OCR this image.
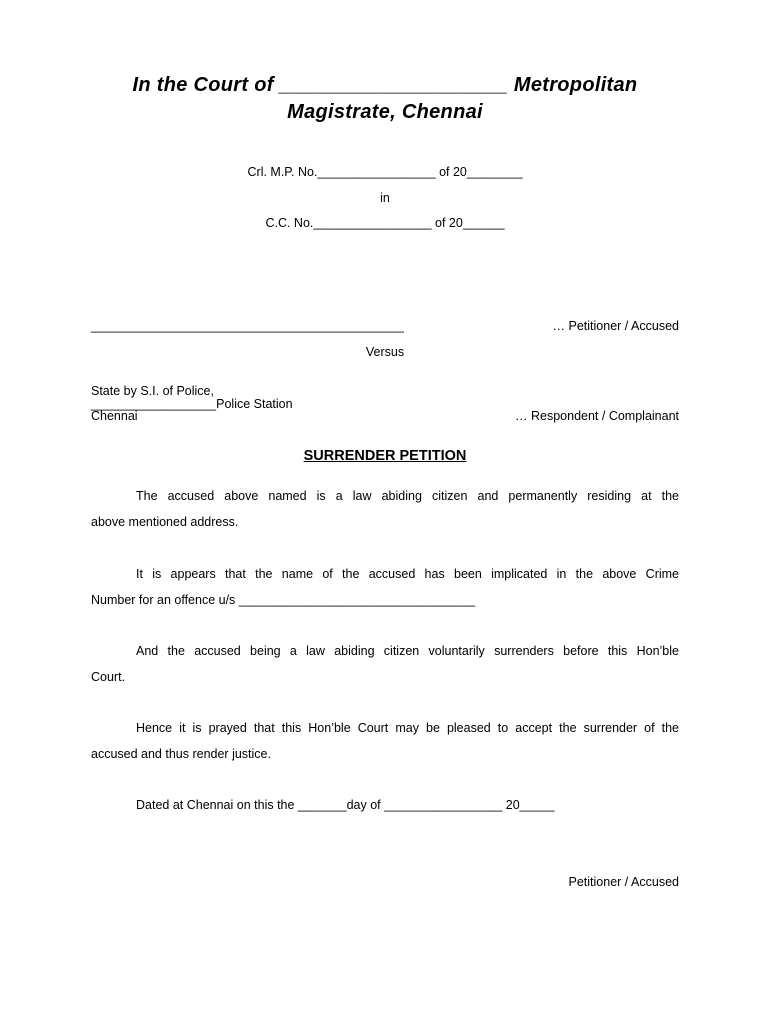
In the Court of ____________________ Metropolitan

Magistrate, Chennai

Crl. M.P. No._________________ of 20________

in

C.C. No._________________ of 20______

_____________________________________________	… Petitioner / Accused

Versus

State by S.I. of Police,

__________________Police Station

Chennai	… Respondent / Complainant

SURRENDER PETITION

The accused above named is a law abiding citizen and permanently residing at the
above mentioned address.
It is appears that the name of the accused has been implicated in the above Crime
Number for an offence u/s __________________________________
And the accused being a law abiding citizen voluntarily surrenders before this Hon’ble
Court.
Hence it is prayed that this Hon’ble Court may be pleased to accept the surrender of the
accused and thus render justice.

Dated at Chennai on this the _______day of _________________ 20_____

Petitioner / Accused
